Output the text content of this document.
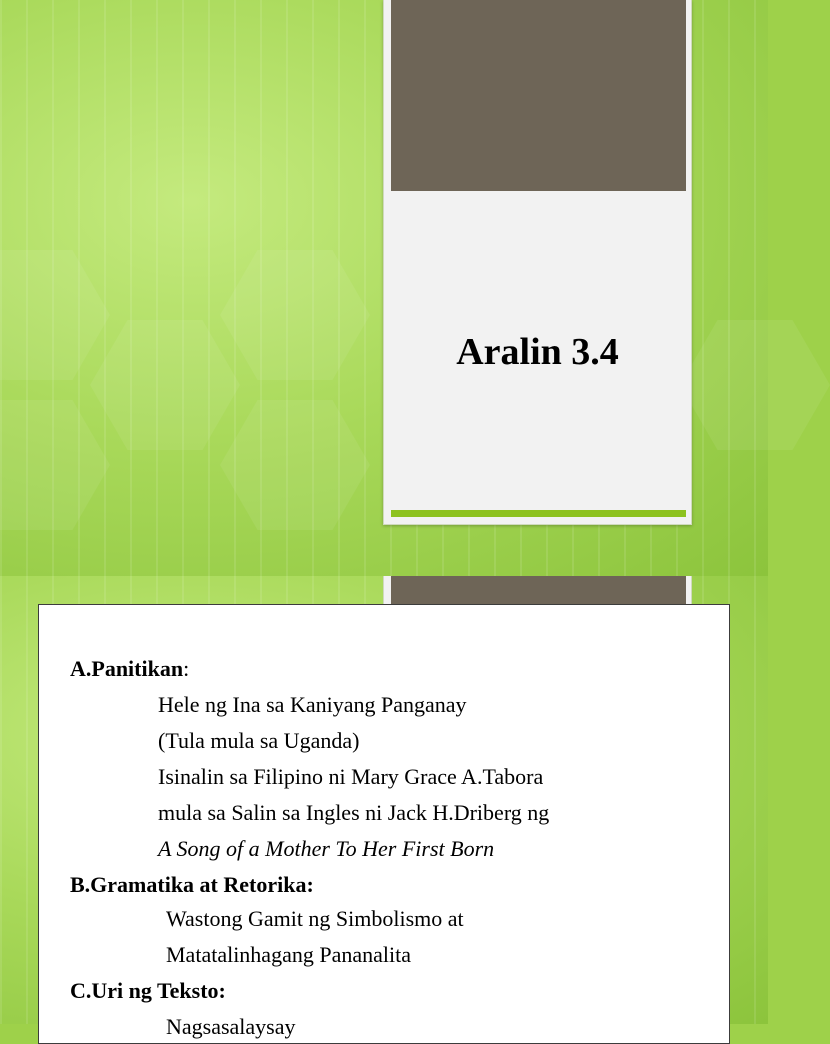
Aralin 3.4
A.Panitikan:
Hele ng Ina sa Kaniyang Panganay
(Tula mula sa Uganda)
Isinalin sa Filipino ni Mary Grace A.Tabora
mula sa Salin sa Ingles ni Jack H.Driberg ng
A Song of a Mother To Her First Born
B.Gramatika at Retorika:
Wastong Gamit ng Simbolismo at
Matatalinhagang Pananalita
C.Uri ng Teksto:
Nagsasalaysay
